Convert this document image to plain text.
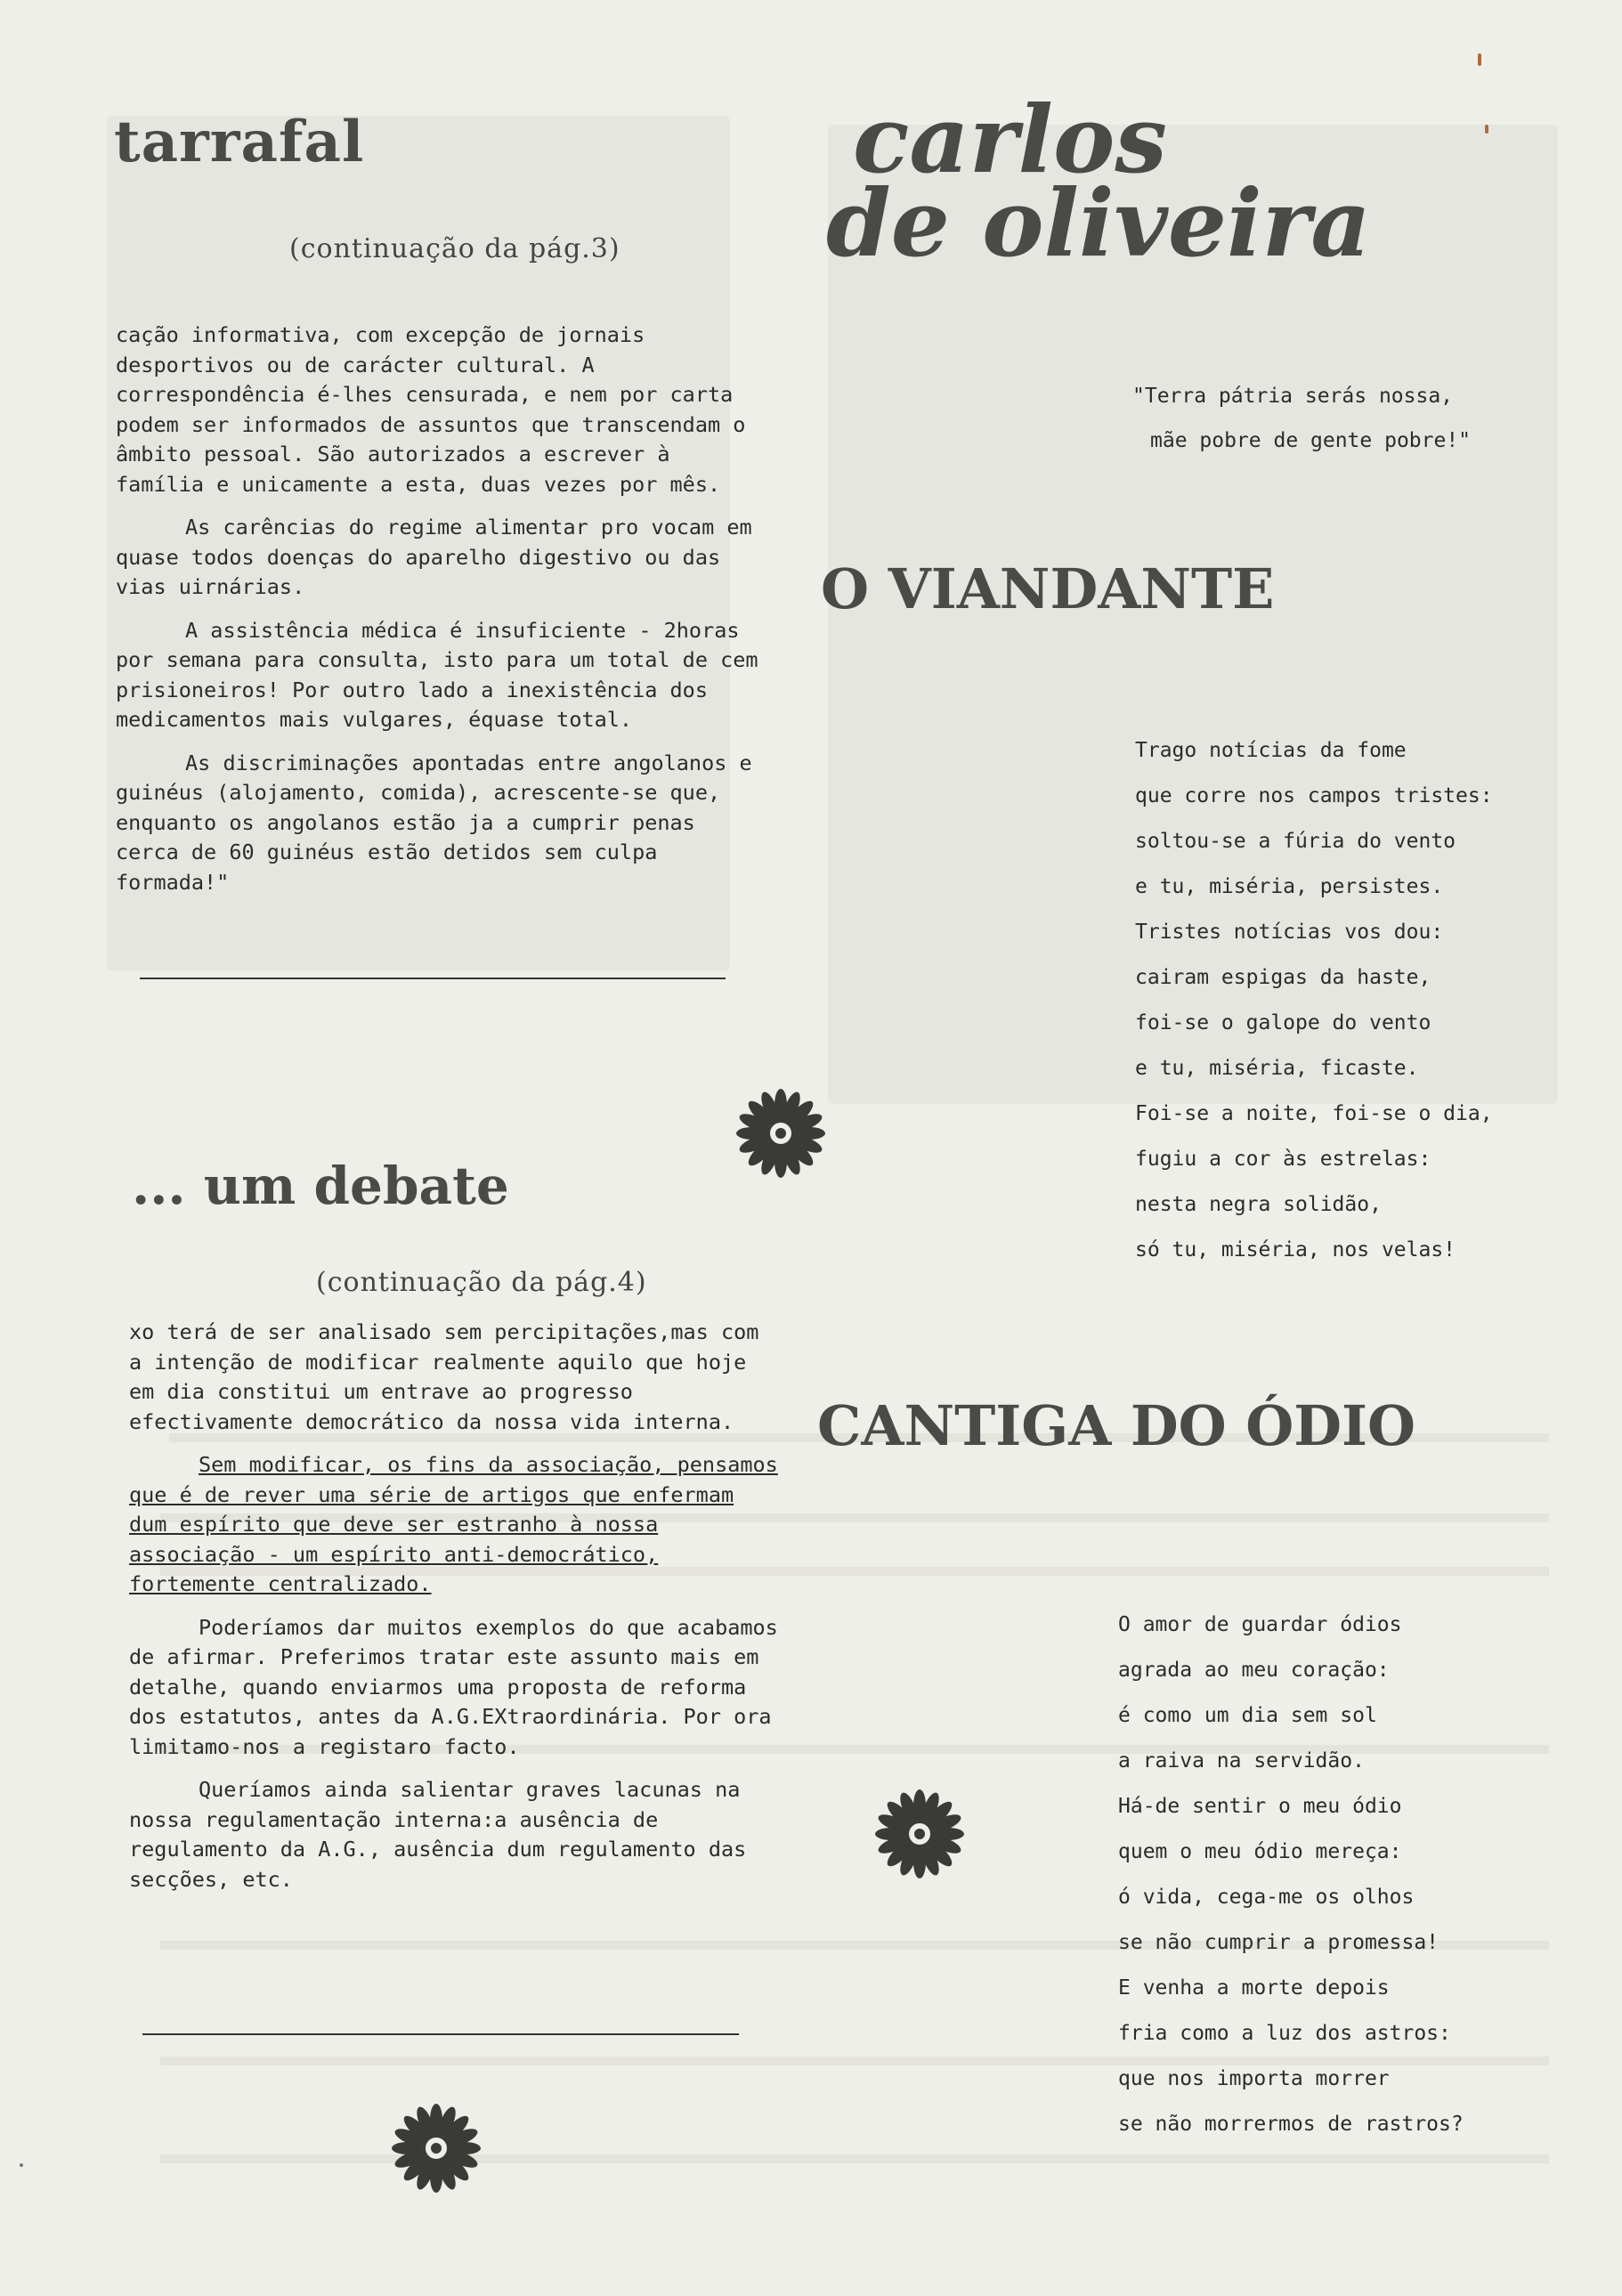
tarrafal
(continuação da pág.3)

cação informativa, com excepção de jornais desportivos ou de carácter cultural. A correspondência é-lhes censurada, e nem por carta podem ser informados de assuntos que transcendam o âmbito pessoal. São autorizados a escrever à família e unicamente a esta, duas vezes por mês.

As carências do regime alimentar pro vocam em quase todos doenças do aparelho digestivo ou das vias uirnárias.

A assistência médica é insuficiente - 2horas por semana para consulta, isto para um total de cem prisioneiros! Por outro lado a inexistência dos medicamentos mais vulgares, équase total.

As discriminações apontadas entre angolanos e guinéus (alojamento, comida), acrescente-se que, enquanto os angolanos estão ja a cumprir penas cerca de 60 guinéus estão detidos sem culpa formada!"

... um debate
(continuação da pág.4)

xo terá de ser analisado sem percipitações,mas com a intenção de modificar realmente aquilo que hoje em dia constitui um entrave ao progresso efectivamente democrático da nossa vida interna.

Sem modificar, os fins da associação, pensamos que é de rever uma série de artigos que enfermam dum espírito que deve ser estranho à nossa associação - um espírito anti-democrático, fortemente centralizado.

Poderíamos dar muitos exemplos do que acabamos de afirmar. Preferimos tratar este assunto mais em detalhe, quando enviarmos uma proposta de reforma dos estatutos, antes da A.G.EXtraordinária. Por ora limitamo-nos a registaro facto.

Queríamos ainda salientar graves lacunas na nossa regulamentação interna:a ausência de regulamento da A.G., ausência dum regulamento das secções, etc.

carlos
de oliveira
"Terra pátria serás nossa,
mãe pobre de gente pobre!"
O VIANDANTE
Trago notícias da fome
que corre nos campos tristes:
soltou-se a fúria do vento
e tu, miséria, persistes.
Tristes notícias vos dou:
cairam espigas da haste,
foi-se o galope do vento
e tu, miséria, ficaste.
Foi-se a noite, foi-se o dia,
fugiu a cor às estrelas:
nesta negra solidão,
só tu, miséria, nos velas!
CANTIGA DO ÓDIO
O amor de guardar ódios
agrada ao meu coração:
é como um dia sem sol
a raiva na servidão.
Há-de sentir o meu ódio
quem o meu ódio mereça:
ó vida, cega-me os olhos
se não cumprir a promessa!
E venha a morte depois
fria como a luz dos astros:
que nos importa morrer
se não morrermos de rastros?
